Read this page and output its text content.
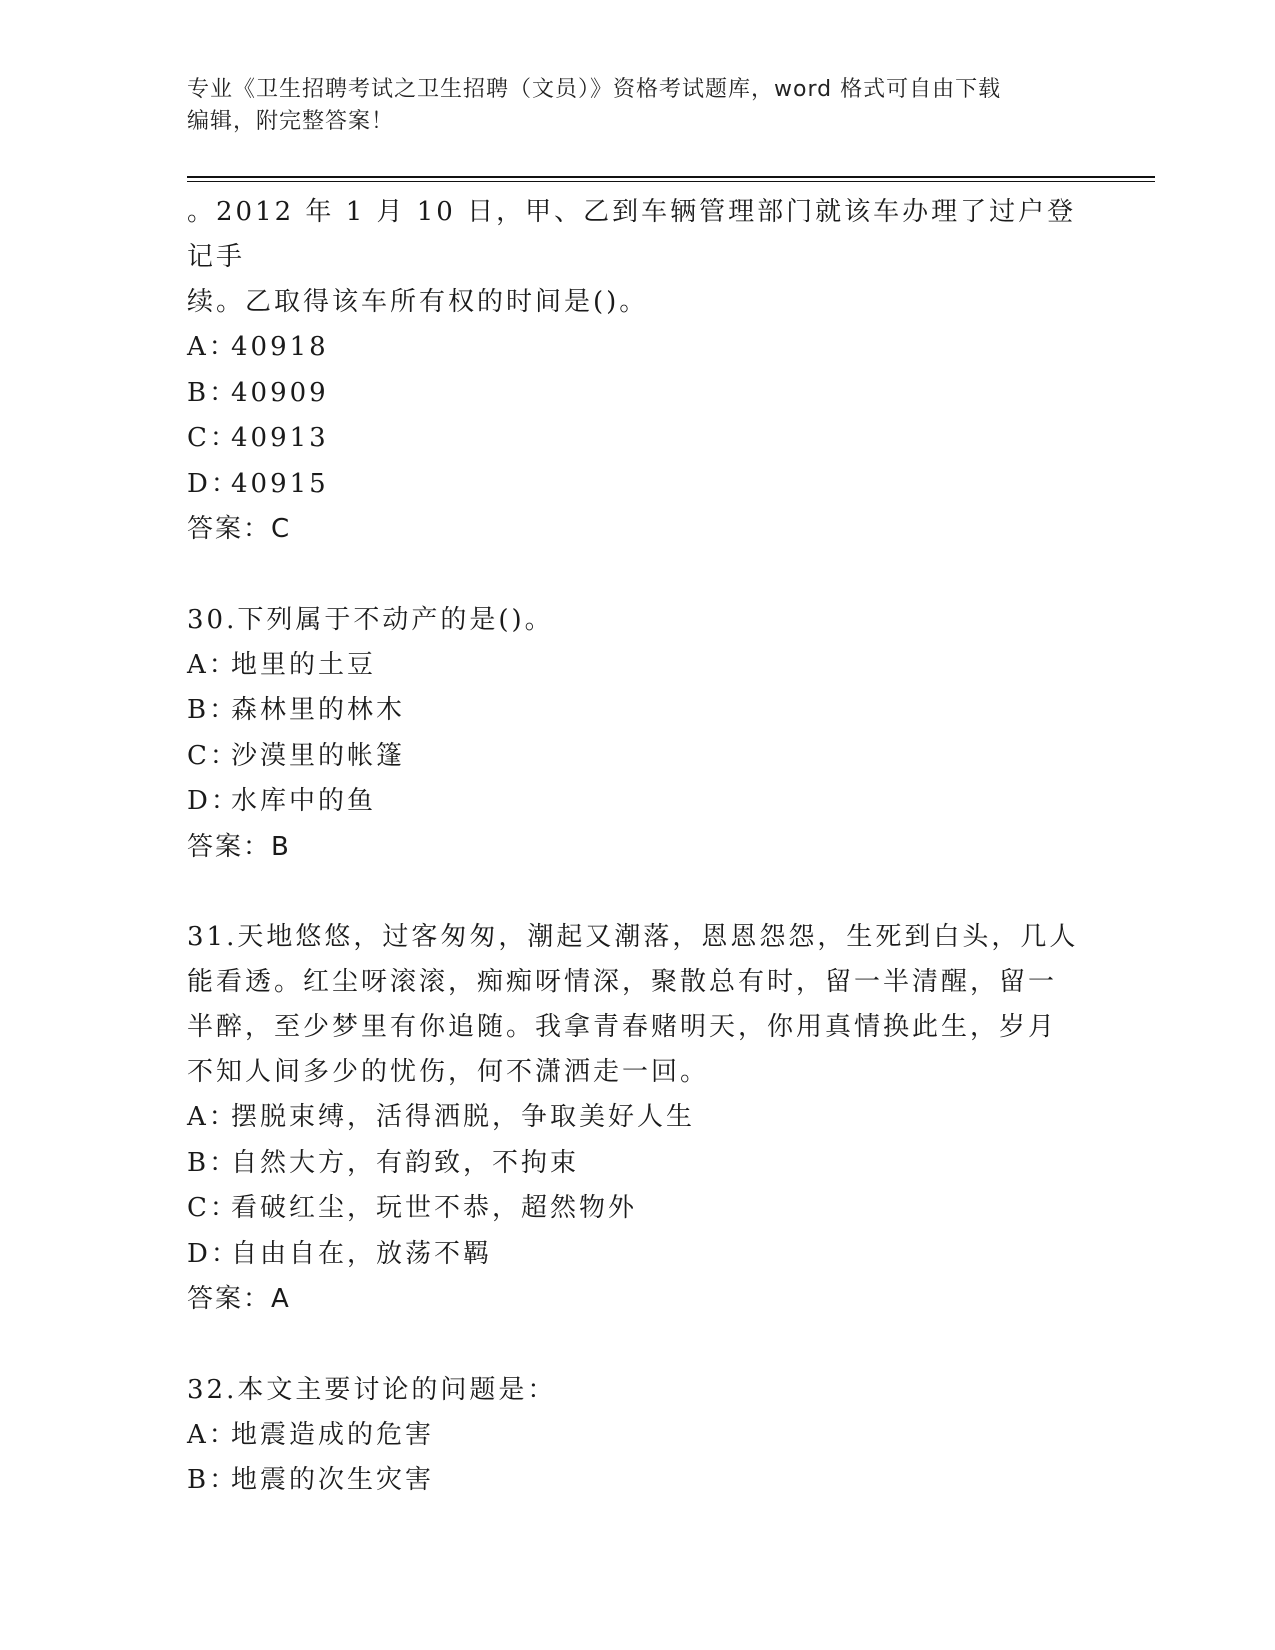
专业《卫生招聘考试之卫生招聘（文员）》资格考试题库，word 格式可自由下载
编辑，附完整答案！

。2012 年 1 月 10 日，甲、乙到车辆管理部门就该车办理了过户登记手

续。乙取得该车所有权的时间是()。

A：40918

B：40909

C：40913

D：40915

答案：C

30.下列属于不动产的是()。

A：地里的土豆

B：森林里的林木

C：沙漠里的帐篷

D：水库中的鱼

答案：B

31.天地悠悠，过客匆匆，潮起又潮落，恩恩怨怨，生死到白头，几人

能看透。红尘呀滚滚，痴痴呀情深，聚散总有时，留一半清醒，留一

半醉，至少梦里有你追随。我拿青春赌明天，你用真情换此生，岁月

不知人间多少的忧伤，何不潇洒走一回。

A：摆脱束缚，活得洒脱，争取美好人生

B：自然大方，有韵致，不拘束

C：看破红尘，玩世不恭，超然物外

D：自由自在，放荡不羁

答案：A

32.本文主要讨论的问题是：

A：地震造成的危害

B：地震的次生灾害
